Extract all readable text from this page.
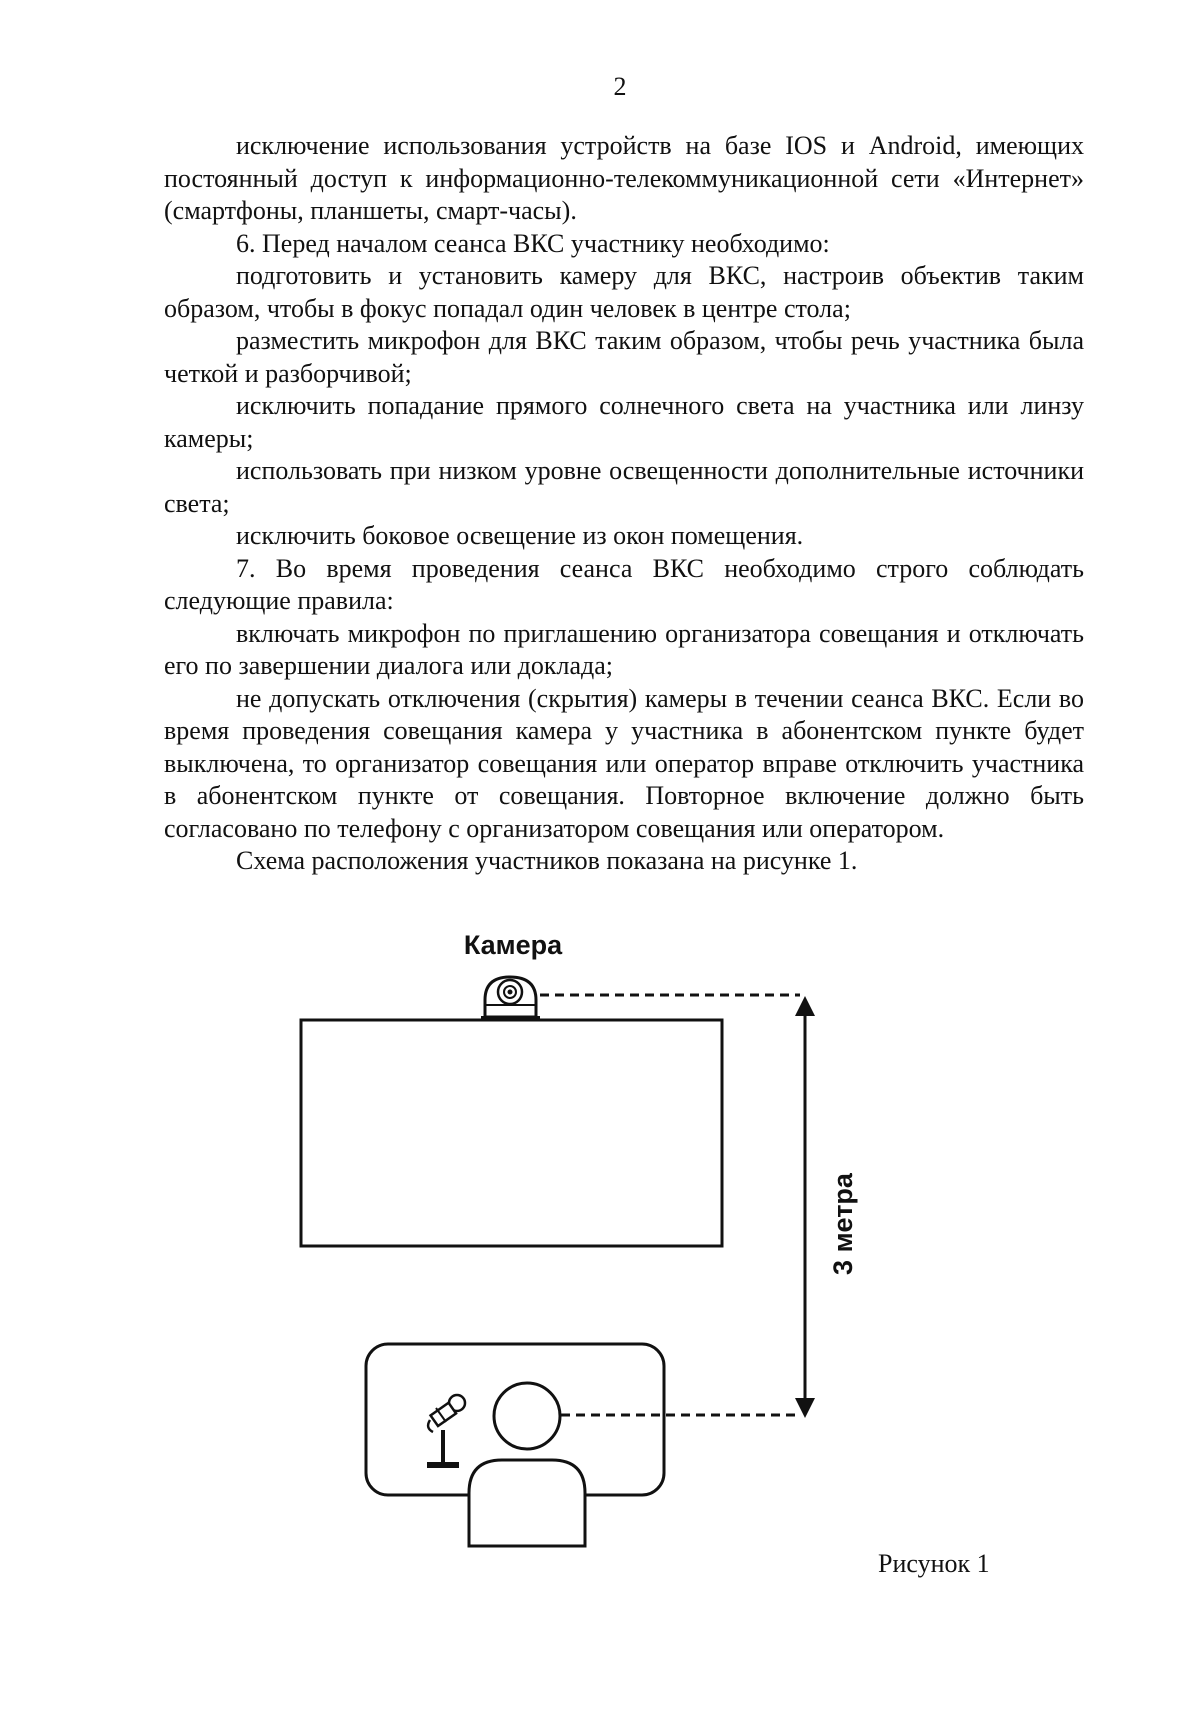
2

исключение использования устройств на базе IOS и Android, имеющих постоянный доступ к информационно-телекоммуникационной сети «Интернет» (смартфоны, планшеты, смарт-часы).

6. Перед началом сеанса ВКС участнику необходимо:

подготовить и установить камеру для ВКС, настроив объектив таким образом, чтобы в фокус попадал один человек в центре стола;

разместить микрофон для ВКС таким образом, чтобы речь участника была четкой и разборчивой;

исключить попадание прямого солнечного света на участника или линзу камеры;

использовать при низком уровне освещенности дополнительные источники света;

исключить боковое освещение из окон помещения.

7. Во время проведения сеанса ВКС необходимо строго соблюдать следующие правила:

включать микрофон по приглашению организатора совещания и отключать его по завершении диалога или доклада;

не допускать отключения (скрытия) камеры в течении сеанса ВКС. Если во время проведения совещания камера у участника в абонентском пункте будет выключена, то организатор совещания или оператор вправе отключить участника в абонентском пункте от совещания. Повторное включение должно быть согласовано по телефону с организатором совещания или оператором.

Схема расположения участников показана на рисунке 1.

Камера
3 метра
Рисунок 1
